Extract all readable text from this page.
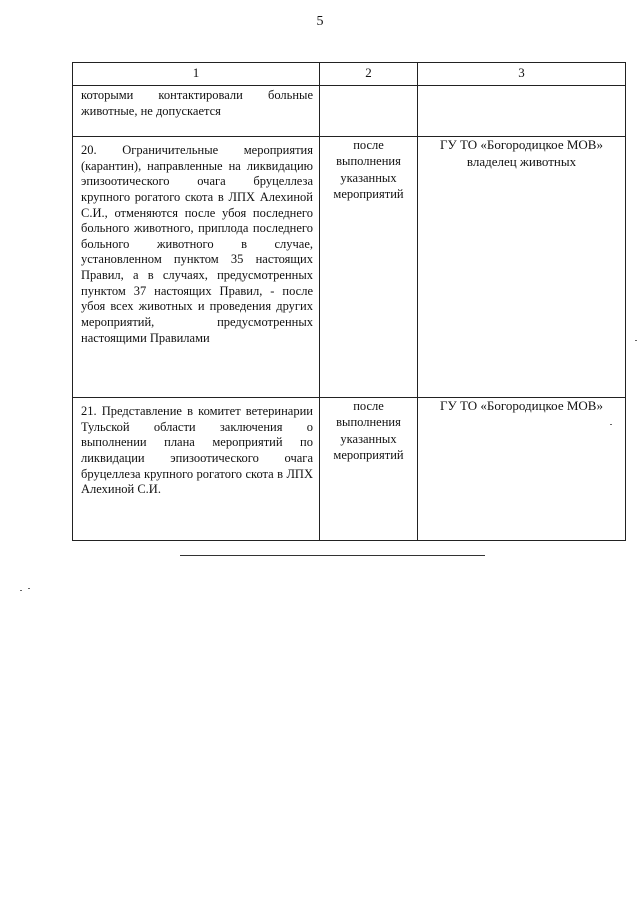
5
1	2	3
которыми контактировали больные животные, не допускается		
20. Ограничительные мероприятия (карантин), направленные на ликвидацию эпизоотического очага бруцеллеза крупного рогатого скота в ЛПХ Алехиной С.И., отменяются после убоя последнего больного животного, приплода последнего больного животного в случае, установленном пунктом 35 настоящих Правил, а в случаях, предусмотренных пунктом 37 настоящих Правил, - после убоя всех животных и проведения других мероприятий, предусмотренных настоящими Правилами	после выполнения указанных мероприятий	ГУ ТО «Богородицкое МОВ» владелец животных
21. Представление в комитет ветеринарии Тульской области заключения о выполнении плана мероприятий по ликвидации эпизоотического очага бруцеллеза крупного рогатого скота в ЛПХ Алехиной С.И.	после выполнения указанных мероприятий	ГУ ТО «Богородицкое МОВ»
